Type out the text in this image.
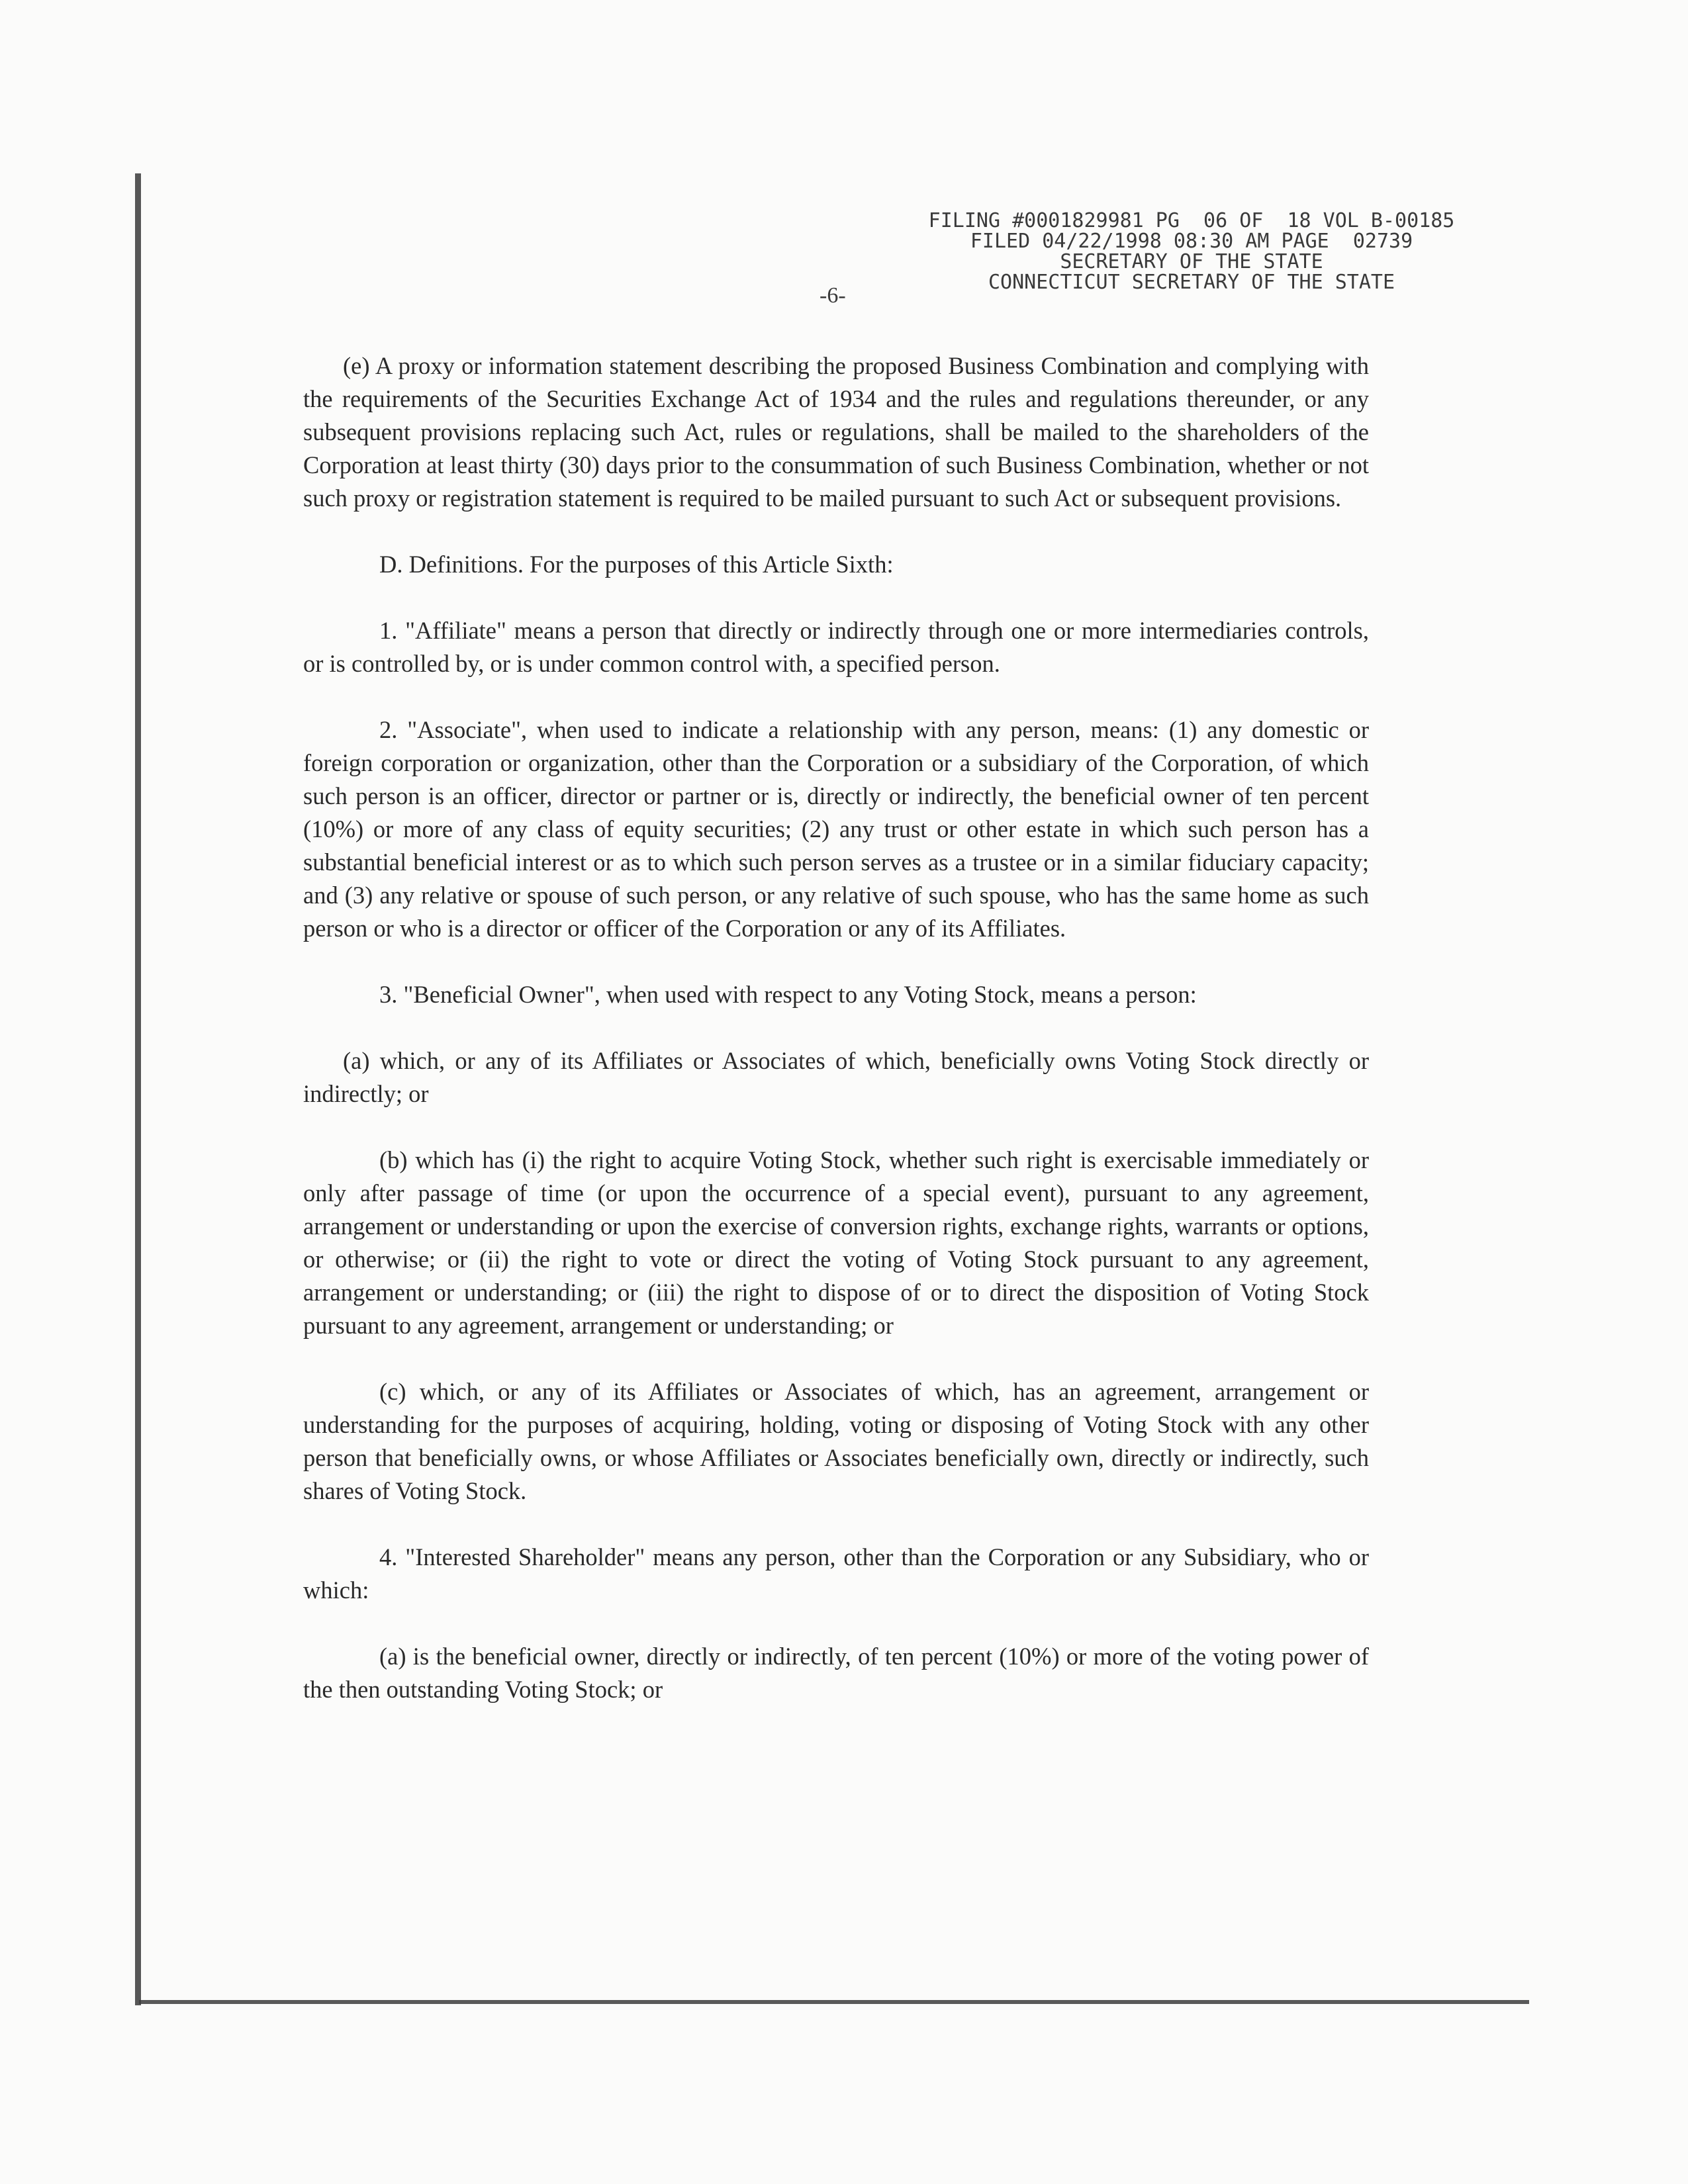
FILING #0001829981 PG  06 OF  18 VOL B-00185
FILED 04/22/1998 08:30 AM PAGE  02739
SECRETARY OF THE STATE
CONNECTICUT SECRETARY OF THE STATE
-6-

(e) A proxy or information statement describing the proposed Business Combination and complying with the requirements of the Securities Exchange Act of 1934 and the rules and regulations thereunder, or any subsequent provisions replacing such Act, rules or regulations, shall be mailed to the shareholders of the Corporation at least thirty (30) days prior to the consummation of such Business Combination, whether or not such proxy or registration statement is required to be mailed pursuant to such Act or subsequent provisions.

D. Definitions. For the purposes of this Article Sixth:

1. "Affiliate" means a person that directly or indirectly through one or more intermediaries controls, or is controlled by, or is under common control with, a specified person.

2. "Associate", when used to indicate a relationship with any person, means: (1) any domestic or foreign corporation or organization, other than the Corporation or a subsidiary of the Corporation, of which such person is an officer, director or partner or is, directly or indirectly, the beneficial owner of ten percent (10%) or more of any class of equity securities; (2) any trust or other estate in which such person has a substantial beneficial interest or as to which such person serves as a trustee or in a similar fiduciary capacity; and (3) any relative or spouse of such person, or any relative of such spouse, who has the same home as such person or who is a director or officer of the Corporation or any of its Affiliates.

3. "Beneficial Owner", when used with respect to any Voting Stock, means a person:

(a) which, or any of its Affiliates or Associates of which, beneficially owns Voting Stock directly or indirectly; or

(b) which has (i) the right to acquire Voting Stock, whether such right is exercisable immediately or only after passage of time (or upon the occurrence of a special event), pursuant to any agreement, arrangement or understanding or upon the exercise of conversion rights, exchange rights, warrants or options, or otherwise; or (ii) the right to vote or direct the voting of Voting Stock pursuant to any agreement, arrangement or understanding; or (iii) the right to dispose of or to direct the disposition of Voting Stock pursuant to any agreement, arrangement or understanding; or

(c) which, or any of its Affiliates or Associates of which, has an agreement, arrangement or understanding for the purposes of acquiring, holding, voting or disposing of Voting Stock with any other person that beneficially owns, or whose Affiliates or Associates beneficially own, directly or indirectly, such shares of Voting Stock.

4. "Interested Shareholder" means any person, other than the Corporation or any Subsidiary, who or which:

(a) is the beneficial owner, directly or indirectly, of ten percent (10%) or more of the voting power of the then outstanding Voting Stock; or
